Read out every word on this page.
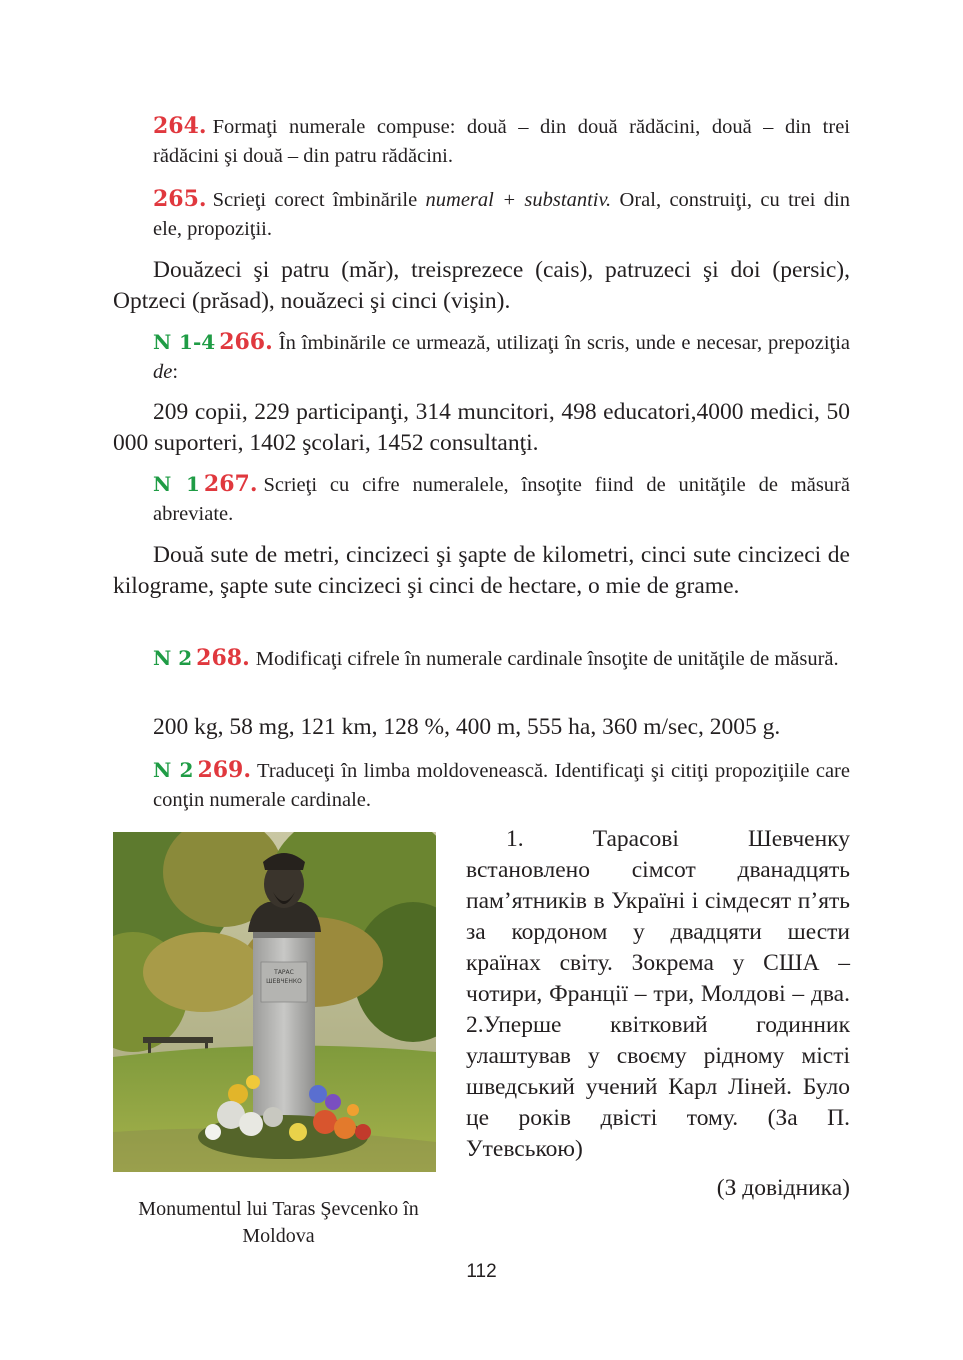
264. Formaţi numerale compuse: două – din două rădăcini, două – din trei rădăcini şi două – din patru rădăcini.
265. Scrieţi corect îmbinările numeral + substantiv. Oral, construiţi, cu trei din ele, propoziţii.
Douăzeci şi patru (măr), treisprezece (cais), patruzeci şi doi (persic), Optzeci (prăsad), nouăzeci şi cinci (vişin).
N 1-4 266. În îmbinările ce urmează, utilizaţi în scris, unde e necesar, prepoziţia de:
209 copii, 229 participanţi, 314 muncitori, 498 educatori,4000 medici, 50 000 suporteri, 1402 şcolari, 1452 consultanţi.
N 1 267. Scrieţi cu cifre numeralele, însoţite fiind de unităţile de măsură abreviate.
Două sute de metri, cincizeci şi şapte de kilometri, cinci sute cincizeci de kilograme, şapte sute cincizeci şi cinci de hectare, o mie de grame.
N 2 268. Modificaţi cifrele în numerale cardinale însoţite de unităţile de măsură.
200 kg, 58 mg, 121 km, 128 %, 400 m, 555 ha, 360 m/sec, 2005 g.
N 2 269. Traduceţi în limba moldovenească. Identificaţi şi citiţi propoziţiile care conţin numerale cardinale.
ТАРАС
ШЕВЧЕНКО
Monumentul lui Taras Şevcenko în Moldova
1. Тарасові Шевченку встановлено сімсот дванадцять пам’ятників в Україні і сімдесят п’ять за кордоном у двадцяти шести країнах світу. Зокрема у США – чотири, Франції – три, Молдові – два. 2.Уперше квітковий годинник улаштував у своєму рідному місті шведський учений Карл Ліней. Було це років двісті тому. (За П. Утевською)
(З довідника)
112
